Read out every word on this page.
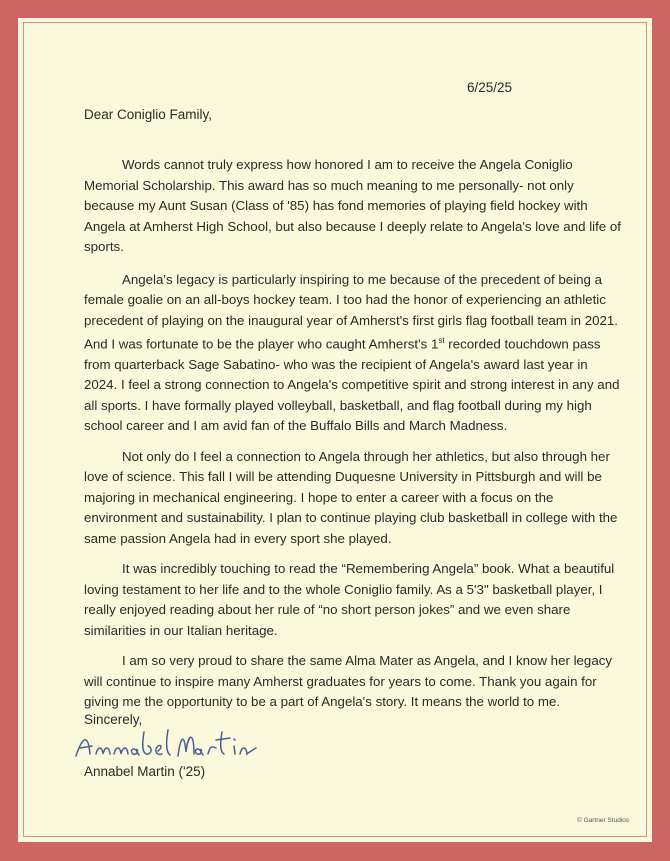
6/25/25
Dear Coniglio Family,

Words cannot truly express how honored I am to receive the Angela Coniglio Memorial Scholarship. This award has so much meaning to me personally- not only because my Aunt Susan (Class of '85) has fond memories of playing field hockey with Angela at Amherst High School, but also because I deeply relate to Angela's love and life of sports.

Angela's legacy is particularly inspiring to me because of the precedent of being a female goalie on an all-boys hockey team. I too had the honor of experiencing an athletic precedent of playing on the inaugural year of Amherst's first girls flag football team in 2021. And I was fortunate to be the player who caught Amherst's 1st recorded touchdown pass from quarterback Sage Sabatino- who was the recipient of Angela's award last year in 2024. I feel a strong connection to Angela's competitive spirit and strong interest in any and all sports. I have formally played volleyball, basketball, and flag football during my high school career and I am avid fan of the Buffalo Bills and March Madness.

Not only do I feel a connection to Angela through her athletics, but also through her love of science. This fall I will be attending Duquesne University in Pittsburgh and will be majoring in mechanical engineering. I hope to enter a career with a focus on the environment and sustainability. I plan to continue playing club basketball in college with the same passion Angela had in every sport she played.

It was incredibly touching to read the “Remembering Angela” book. What a beautiful loving testament to her life and to the whole Coniglio family. As a 5'3" basketball player, I really enjoyed reading about her rule of “no short person jokes” and we even share similarities in our Italian heritage.

I am so very proud to share the same Alma Mater as Angela, and I know her legacy will continue to inspire many Amherst graduates for years to come. Thank you again for giving me the opportunity to be a part of Angela's story. It means the world to me.

Sincerely,
Annabel Martin ('25)
© Gartner Studios
